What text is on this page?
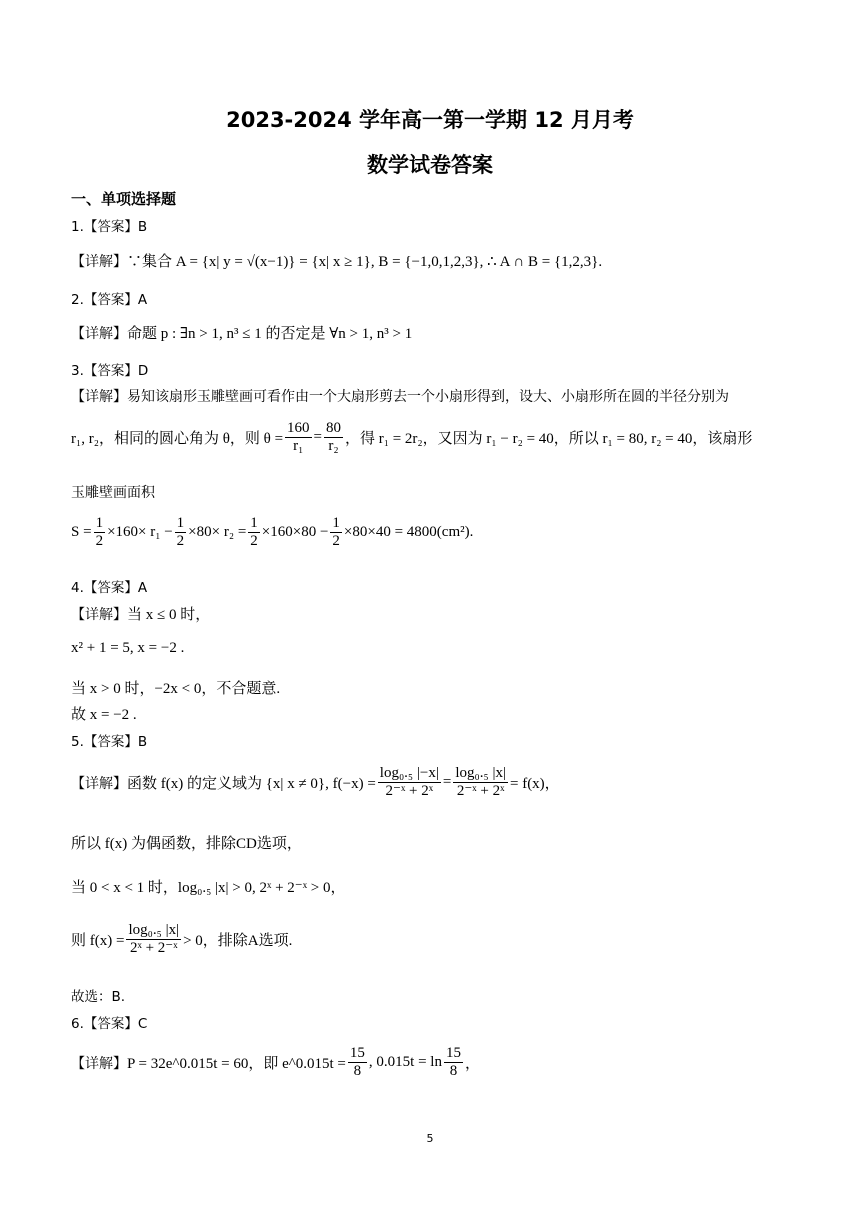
2023-2024 学年高一第一学期 12 月月考
数学试卷答案
一、单项选择题
1.【答案】B
【详解】 ∵集合 A = {x| y = √(x−1)} = {x| x ≥ 1}, B = {−1,0,1,2,3}, ∴ A ∩ B = {1,2,3}.
2.【答案】A
【详解】 命题 p : ∃n > 1, n³ ≤ 1 的否定是 ∀n > 1, n³ > 1
3.【答案】D
【详解】 易知该扇形玉雕壁画可看作由一个大扇形剪去一个小扇形得到，设大、小扇形所在圆的半径分别为
r₁, r₂，相同的圆心角为 θ，则 $\theta = \frac{160}{\text{r₁}} = \frac{80}{\text{r₂}}$ ，得 r₁ = 2r₂，又因为 r₁ − r₂ = 40，所以 r₁ = 80, r₂ = 40，该扇形
玉雕壁画面积
$S = \frac{1}{2} \times 160\times r_1 - \frac{1}{2} \times 80\times r_2 = \frac{1}{2} \times 160\times 80 - \frac{1}{2} \times 80\times 40 = 4800(cm^2)$.
4.【答案】A
【详解】 当 x ≤ 0 时，
x² + 1 = 5, x = −2 .
当 x > 0 时，−2x < 0，不合题意.
故 x = −2 .
5.【答案】B
【详解】 函数 f(x) 的定义域为 {x| x ≠ 0}, $f(-x) = \frac{\text{log₀.₅ |−x|}}{\text{2⁻ˣ + 2ˣ}} = \frac{\text{log₀.₅ |x|}}{\text{2⁻ˣ + 2ˣ}} = f(x)$，
所以 f(x) 为偶函数，排除CD选项，
当 0 < x < 1 时，log₀.₅ |x| > 0, 2ˣ + 2⁻ˣ > 0，
则 $f(x) = \frac{\text{log₀.₅ |x|}}{\text{2ˣ + 2⁻ˣ}} > 0$，排除A选项.
故选：B.
6.【答案】C
【详解】 P = 32e^0.015t = 60，即 e^0.015t = $\frac{15}{8}$ , $0.015t = \ln \frac{15}{8}$ ，
5
